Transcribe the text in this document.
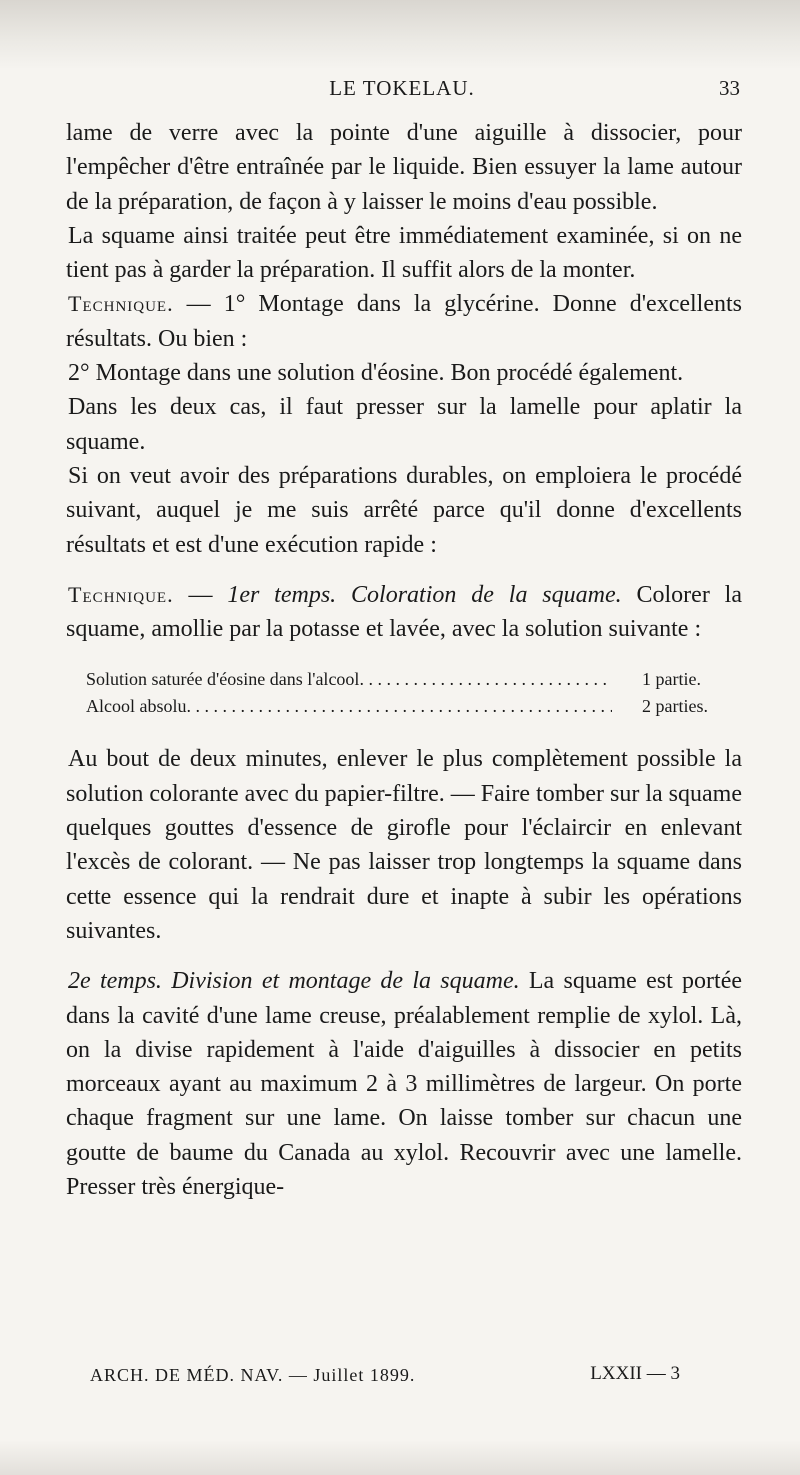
LE TOKELAU.	33

lame de verre avec la pointe d'une aiguille à dissocier, pour l'empêcher d'être entraînée par le liquide. Bien essuyer la lame autour de la préparation, de façon à y laisser le moins d'eau possible.

La squame ainsi traitée peut être immédiatement examinée, si on ne tient pas à garder la préparation. Il suffit alors de la monter.

Technique. — 1° Montage dans la glycérine. Donne d'excellents résultats. Ou bien :

2° Montage dans une solution d'éosine. Bon procédé également.

Dans les deux cas, il faut presser sur la lamelle pour aplatir la squame.

Si on veut avoir des préparations durables, on emploiera le procédé suivant, auquel je me suis arrêté parce qu'il donne d'excellents résultats et est d'une exécution rapide :

Technique. — 1er temps. Coloration de la squame. Colorer la squame, amollie par la potasse et lavée, avec la solution suivante :

Solution saturée d'éosine dans l'alcool . . .	1 partie.
Alcool absolu . . .	2 parties.

Au bout de deux minutes, enlever le plus complètement possible la solution colorante avec du papier-filtre. — Faire tomber sur la squame quelques gouttes d'essence de girofle pour l'éclaircir en enlevant l'excès de colorant. — Ne pas laisser trop longtemps la squame dans cette essence qui la rendrait dure et inapte à subir les opérations suivantes.

2e temps. Division et montage de la squame. La squame est portée dans la cavité d'une lame creuse, préalablement remplie de xylol. Là, on la divise rapidement à l'aide d'aiguilles à dissocier en petits morceaux ayant au maximum 2 à 3 millimètres de largeur. On porte chaque fragment sur une lame. On laisse tomber sur chacun une goutte de baume du Canada au xylol. Recouvrir avec une lamelle. Presser très énergique-

ARCH. DE MÉD. NAV. — Juillet 1899.	LXXII — 3
